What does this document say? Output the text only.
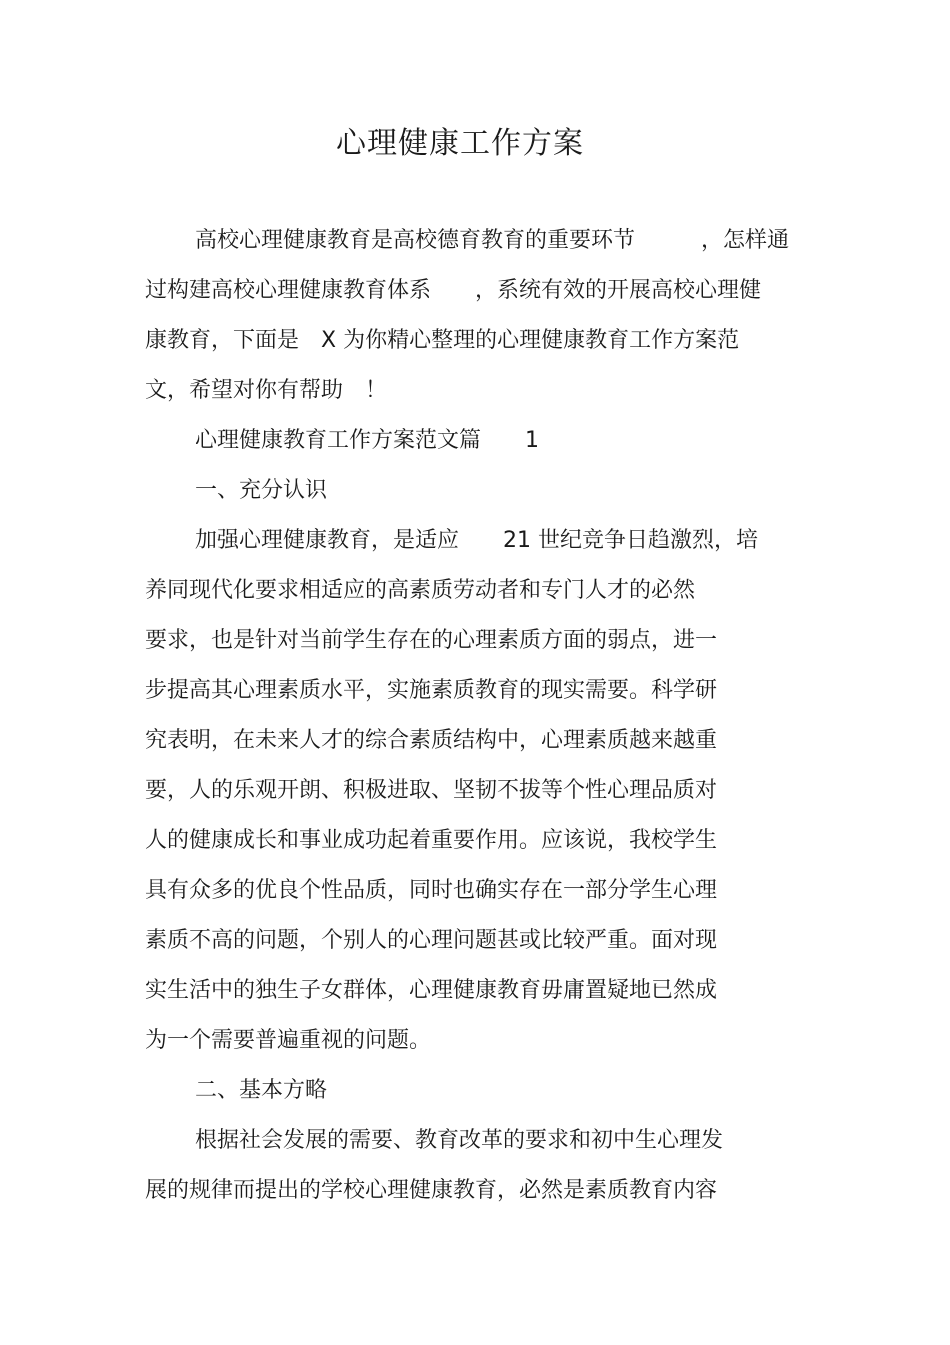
心理健康工作方案
高校心理健康教育是高校德育教育的重要环节　　　，怎样通
过构建高校心理健康教育体系　　，系统有效的开展高校心理健
康教育，下面是　X 为你精心整理的心理健康教育工作方案范
文，希望对你有帮助　！
心理健康教育工作方案范文篇　　1
一、充分认识
加强心理健康教育，是适应　　21 世纪竞争日趋激烈，培
养同现代化要求相适应的高素质劳动者和专门人才的必然
要求，也是针对当前学生存在的心理素质方面的弱点，进一
步提高其心理素质水平，实施素质教育的现实需要。科学研
究表明，在未来人才的综合素质结构中，心理素质越来越重
要，人的乐观开朗、积极进取、坚韧不拔等个性心理品质对
人的健康成长和事业成功起着重要作用。应该说，我校学生
具有众多的优良个性品质，同时也确实存在一部分学生心理
素质不高的问题，个别人的心理问题甚或比较严重。面对现
实生活中的独生子女群体，心理健康教育毋庸置疑地已然成
为一个需要普遍重视的问题。
二、基本方略
根据社会发展的需要、教育改革的要求和初中生心理发
展的规律而提出的学校心理健康教育，必然是素质教育内容
